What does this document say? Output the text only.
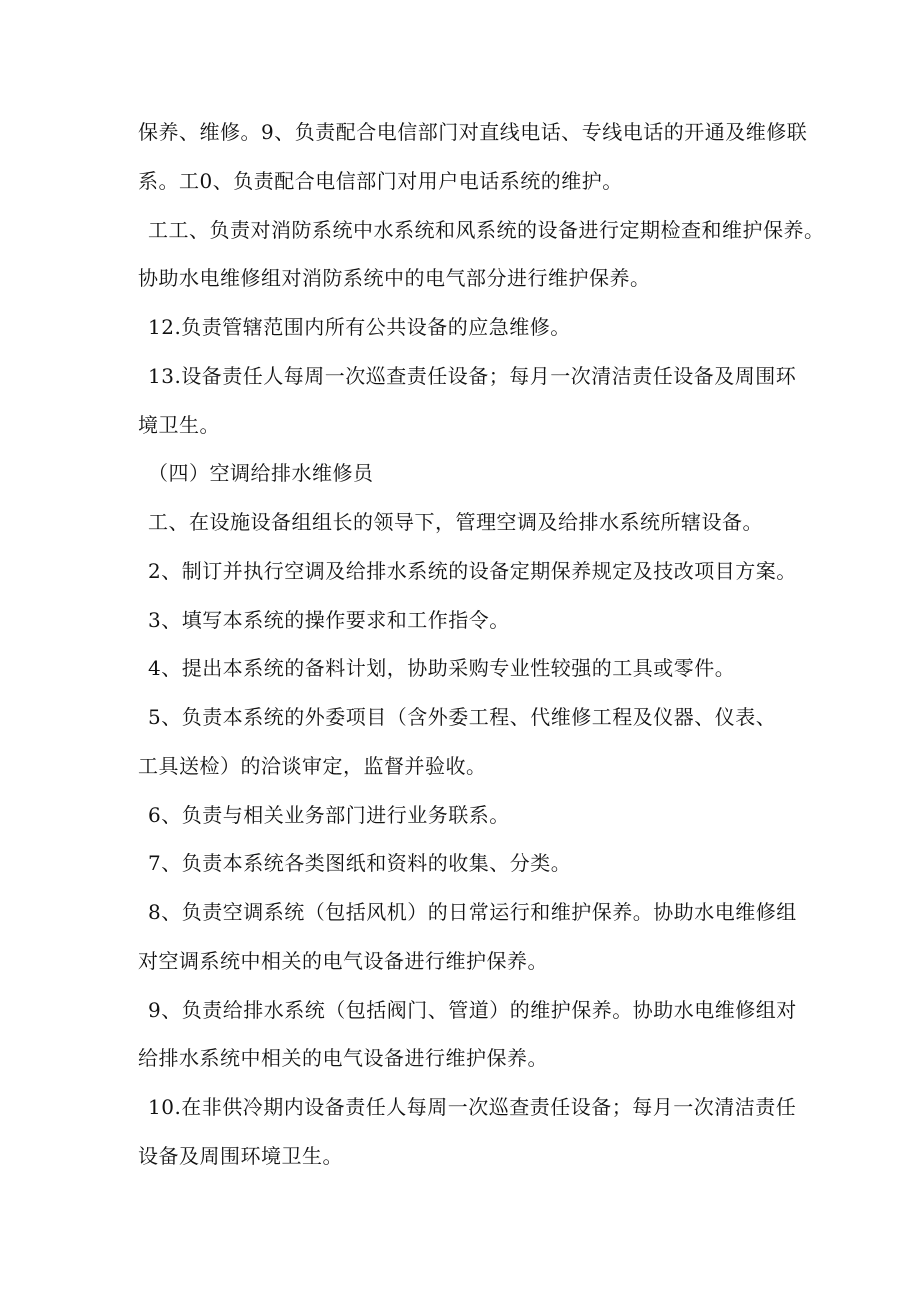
保养、维修。9、负责配合电信部门对直线电话、专线电话的开通及维修联

系。工0、负责配合电信部门对用户电话系统的维护。

工工、负责对消防系统中水系统和风系统的设备进行定期检查和维护保养。

协助水电维修组对消防系统中的电气部分进行维护保养。

12.负责管辖范围内所有公共设备的应急维修。

13.设备责任人每周一次巡查责任设备；每月一次清洁责任设备及周围环

境卫生。

（四）空调给排水维修员

工、在设施设备组组长的领导下，管理空调及给排水系统所辖设备。

2、制订并执行空调及给排水系统的设备定期保养规定及技改项目方案。

3、填写本系统的操作要求和工作指令。

4、提出本系统的备料计划，协助采购专业性较强的工具或零件。

5、负责本系统的外委项目（含外委工程、代维修工程及仪器、仪表、

工具送检）的洽谈审定，监督并验收。

6、负责与相关业务部门进行业务联系。

7、负责本系统各类图纸和资料的收集、分类。

8、负责空调系统（包括风机）的日常运行和维护保养。协助水电维修组

对空调系统中相关的电气设备进行维护保养。

9、负责给排水系统（包括阀门、管道）的维护保养。协助水电维修组对

给排水系统中相关的电气设备进行维护保养。

10.在非供冷期内设备责任人每周一次巡查责任设备；每月一次清洁责任

设备及周围环境卫生。
